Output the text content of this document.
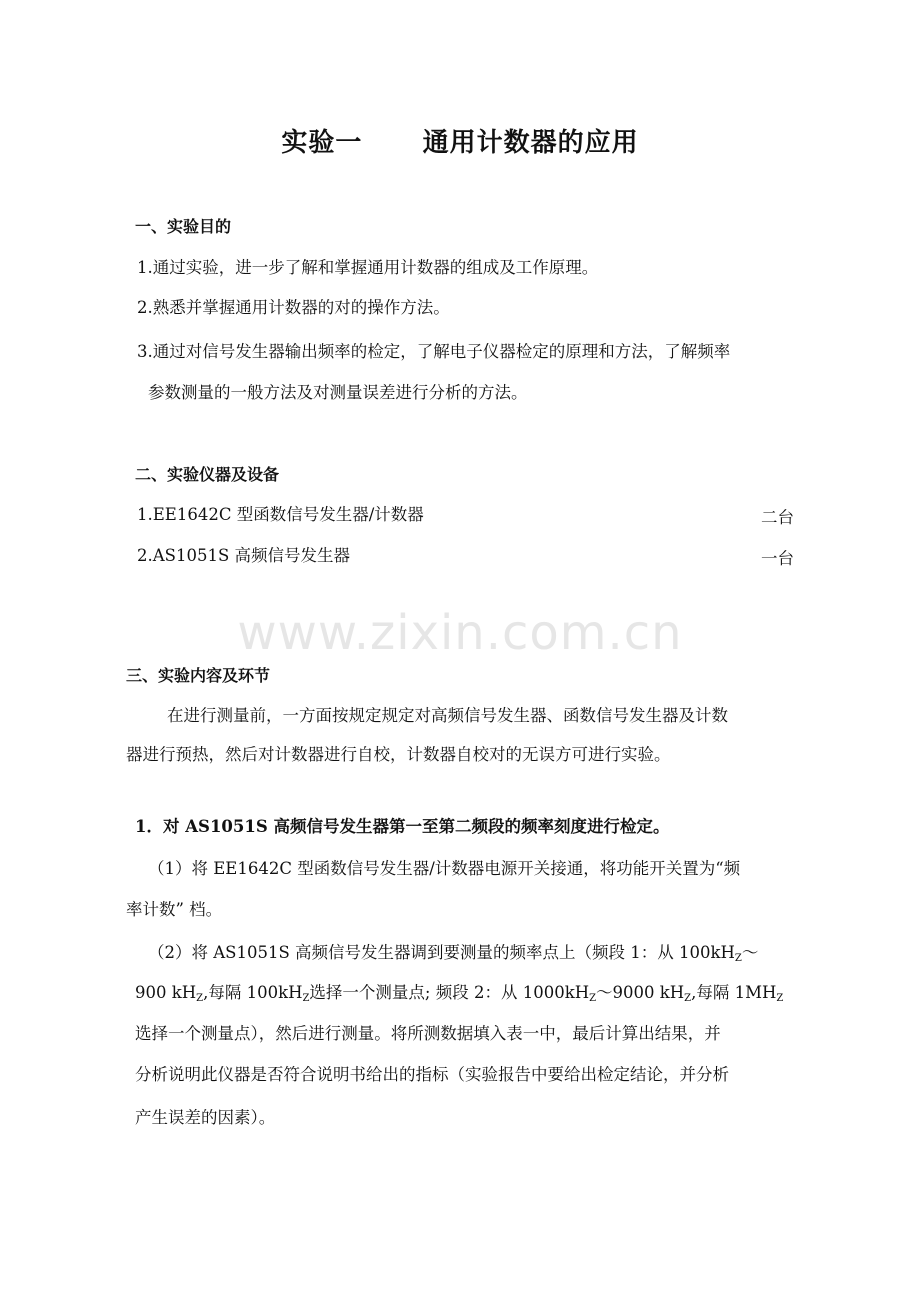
实验一      通用计数器的应用
一、实验目的
1.通过实验，进一步了解和掌握通用计数器的组成及工作原理。
2.熟悉并掌握通用计数器的对的操作方法。
3.通过对信号发生器输出频率的检定，了解电子仪器检定的原理和方法，了解频率
参数测量的一般方法及对测量误差进行分析的方法。
二、实验仪器及设备
1.EE1642C 型函数信号发生器/计数器	二台
2.AS1051S 高频信号发生器	一台
www.zixin.com.cn
三、实验内容及环节
在进行测量前，一方面按规定规定对高频信号发生器、函数信号发生器及计数
器进行预热，然后对计数器进行自校，计数器自校对的无误方可进行实验。
1．对 AS1051S 高频信号发生器第一至第二频段的频率刻度进行检定。
（1）将 EE1642C 型函数信号发生器/计数器电源开关接通，将功能开关置为“频
率计数” 档。
（2）将 AS1051S 高频信号发生器调到要测量的频率点上（频段 1：从 $100kH_Z\sim$
900 $kH_Z$,每隔 $100kH_Z$选择一个测量点; 频段 2：从 $1000kH_Z\sim 9000$ $kH_Z$,每隔 $1MH_Z$
选择一个测量点），然后进行测量。将所测数据填入表一中，最后计算出结果，并
分析说明此仪器是否符合说明书给出的指标（实验报告中要给出检定结论，并分析
产生误差的因素）。
